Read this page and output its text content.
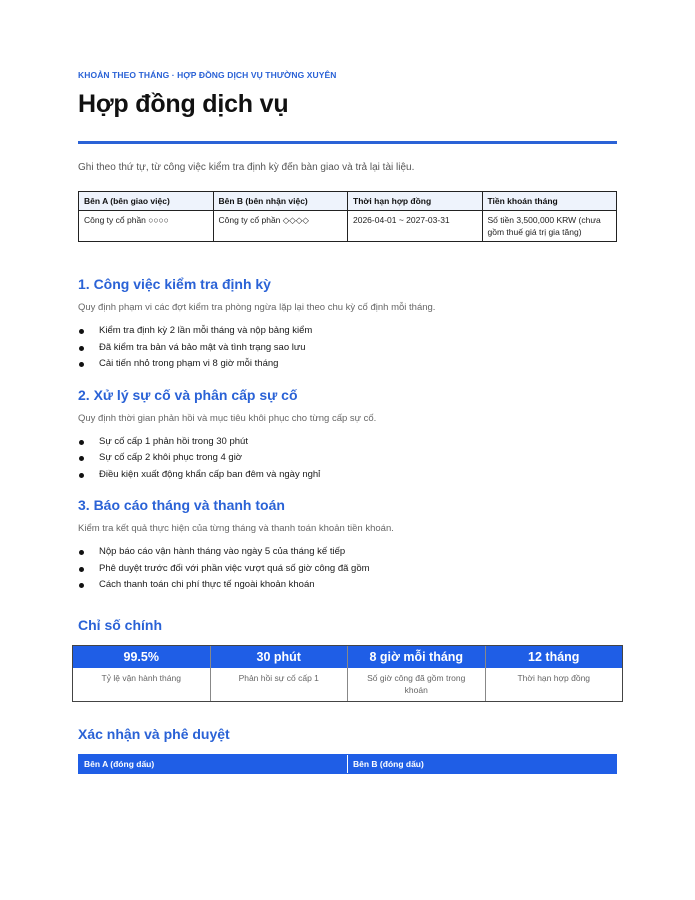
KHOẢN THEO THÁNG · HỢP ĐỒNG DỊCH VỤ THƯỜNG XUYÊN

Hợp đồng dịch vụ
Ghi theo thứ tự, từ công việc kiểm tra định kỳ đến bàn giao và trả lại tài liệu.
Bên A (bên giao việc)	Bên B (bên nhận việc)	Thời hạn hợp đồng	Tiền khoán tháng
Công ty cổ phần ○○○○	Công ty cổ phần ◇◇◇◇	2026-04-01 ~ 2027-03-31	Số tiền 3,500,000 KRW (chưa gồm thuế giá trị gia tăng)
1. Công việc kiểm tra định kỳ
Quy định phạm vi các đợt kiểm tra phòng ngừa lặp lại theo chu kỳ cố định mỗi tháng.
Kiểm tra định kỳ 2 lần mỗi tháng và nộp bảng kiểm
Đã kiểm tra bản vá bảo mật và tình trạng sao lưu
Cải tiến nhỏ trong phạm vi 8 giờ mỗi tháng
2. Xử lý sự cố và phân cấp sự cố
Quy định thời gian phản hồi và mục tiêu khôi phục cho từng cấp sự cố.
Sự cố cấp 1 phản hồi trong 30 phút
Sự cố cấp 2 khôi phục trong 4 giờ
Điều kiện xuất động khẩn cấp ban đêm và ngày nghỉ
3. Báo cáo tháng và thanh toán
Kiểm tra kết quả thực hiện của từng tháng và thanh toán khoản tiền khoán.
Nộp báo cáo vận hành tháng vào ngày 5 của tháng kế tiếp
Phê duyệt trước đối với phần việc vượt quá số giờ công đã gồm
Cách thanh toán chi phí thực tế ngoài khoản khoán
Chỉ số chính
99.5%
Tỷ lệ vận hành tháng
30 phút
Phản hồi sự cố cấp 1
8 giờ mỗi tháng
Số giờ công đã gồm trong khoán
12 tháng
Thời hạn hợp đồng
Xác nhận và phê duyệt
Bên A (đóng dấu)	Bên B (đóng dấu)
